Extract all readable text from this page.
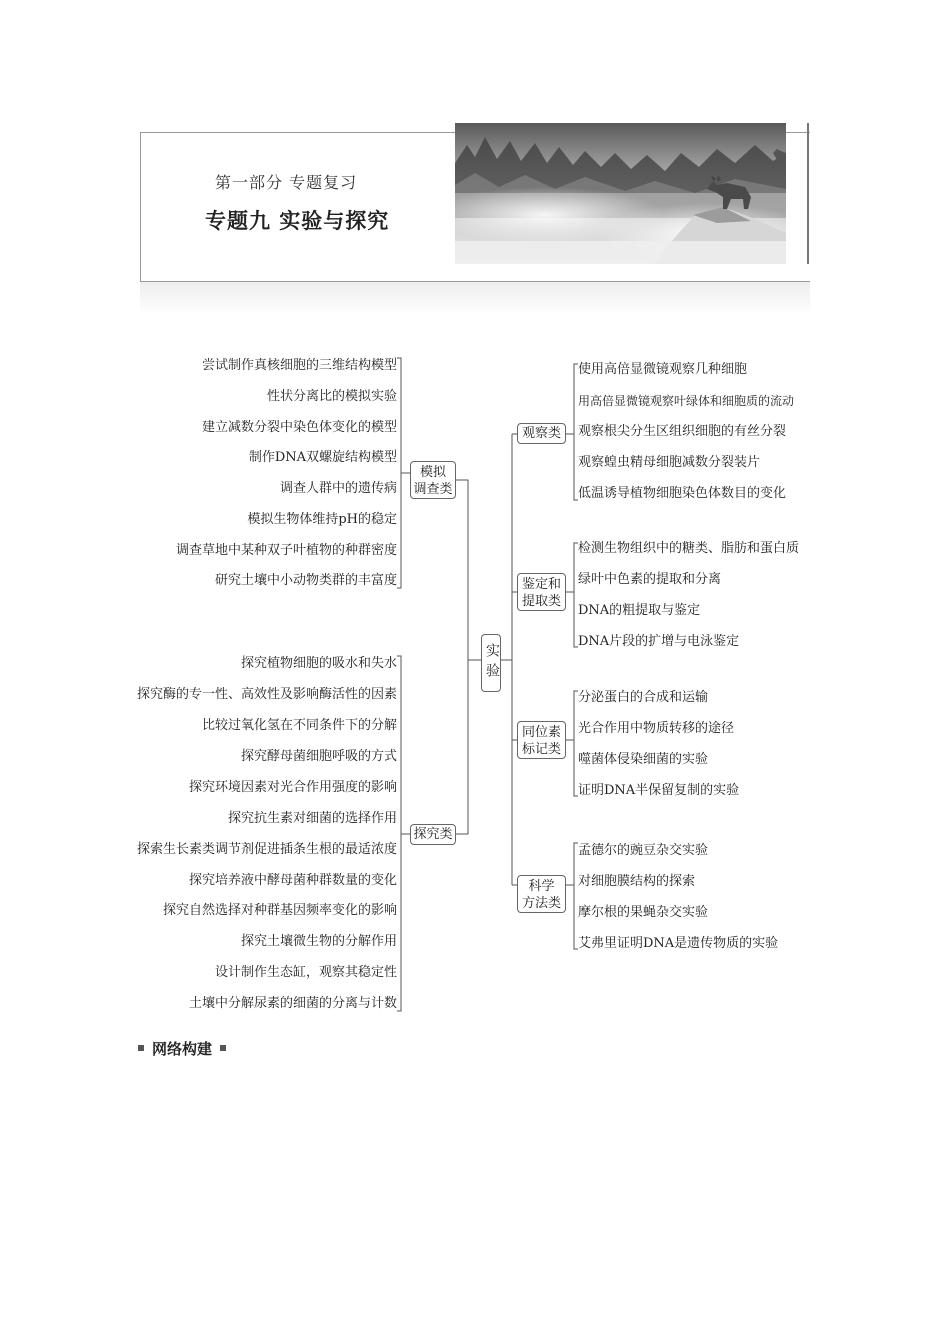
第一部分 专题复习
专题九 实验与探究
实验
模拟
调查类
探究类
观察类
鉴定和
提取类
同位素
标记类
科学
方法类
尝试制作真核细胞的三维结构模型
性状分离比的模拟实验
建立减数分裂中染色体变化的模型
制作DNA双螺旋结构模型
调查人群中的遗传病
模拟生物体维持pH的稳定
调查草地中某种双子叶植物的种群密度
研究土壤中小动物类群的丰富度
探究植物细胞的吸水和失水
探究酶的专一性、高效性及影响酶活性的因素
比较过氧化氢在不同条件下的分解
探究酵母菌细胞呼吸的方式
探究环境因素对光合作用强度的影响
探究抗生素对细菌的选择作用
探索生长素类调节剂促进插条生根的最适浓度
探究培养液中酵母菌种群数量的变化
探究自然选择对种群基因频率变化的影响
探究土壤微生物的分解作用
设计制作生态缸，观察其稳定性
土壤中分解尿素的细菌的分离与计数
使用高倍显微镜观察几种细胞
用高倍显微镜观察叶绿体和细胞质的流动
观察根尖分生区组织细胞的有丝分裂
观察蝗虫精母细胞减数分裂装片
低温诱导植物细胞染色体数目的变化
检测生物组织中的糖类、脂肪和蛋白质
绿叶中色素的提取和分离
DNA的粗提取与鉴定
DNA片段的扩增与电泳鉴定
分泌蛋白的合成和运输
光合作用中物质转移的途径
噬菌体侵染细菌的实验
证明DNA半保留复制的实验
孟德尔的豌豆杂交实验
对细胞膜结构的探索
摩尔根的果蝇杂交实验
艾弗里证明DNA是遗传物质的实验
网络构建
